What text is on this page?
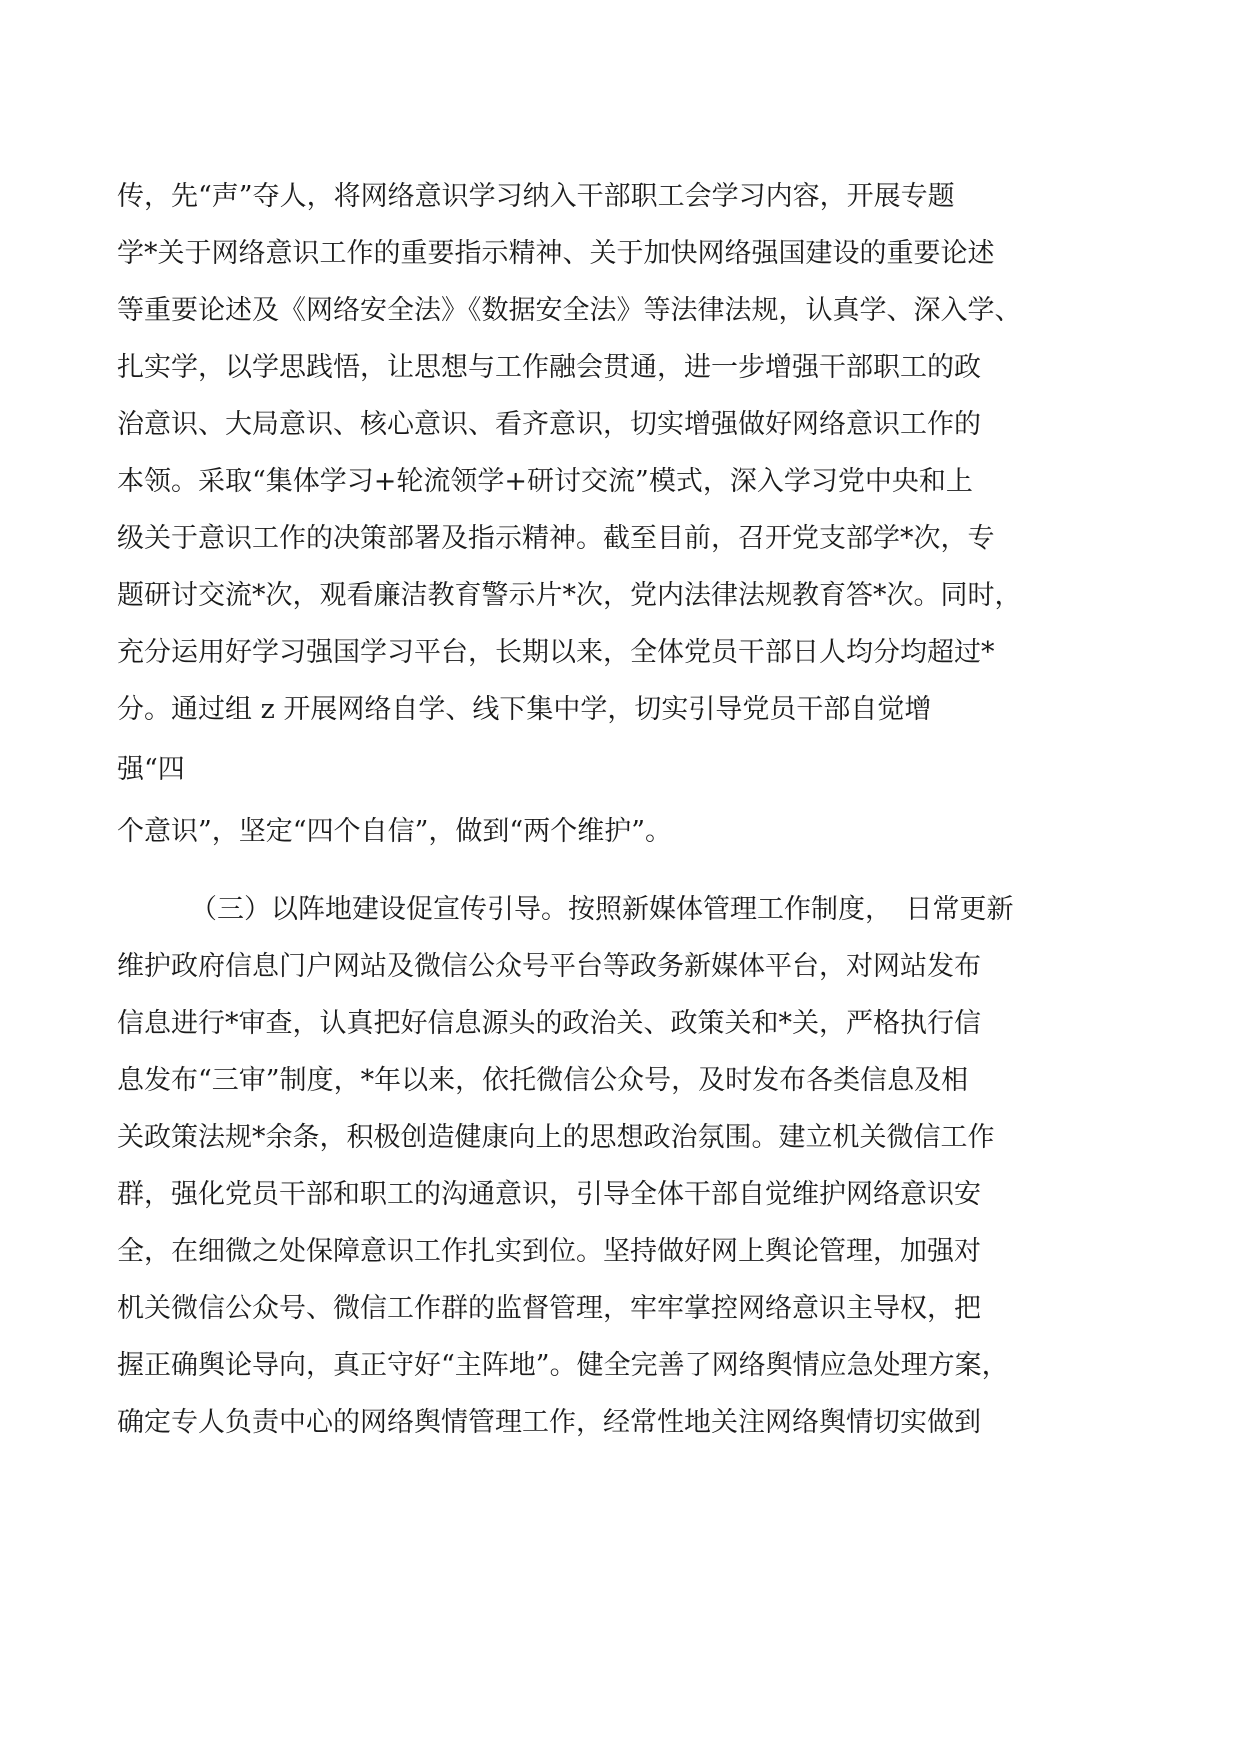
传，先“声”夺人，将网络意识学习纳入干部职工会学习内容，开展专题
学*关于网络意识工作的重要指示精神、关于加快网络强国建设的重要论述
等重要论述及《网络安全法》《数据安全法》等法律法规，认真学、深入学、
扎实学，以学思践悟，让思想与工作融会贯通，进一步增强干部职工的政
治意识、大局意识、核心意识、看齐意识，切实增强做好网络意识工作的
本领。采取“集体学习+轮流领学+研讨交流”模式，深入学习党中央和上
级关于意识工作的决策部署及指示精神。截至目前，召开党支部学*次，专
题研讨交流*次，观看廉洁教育警示片*次，党内法律法规教育答*次。同时，
充分运用好学习强国学习平台，长期以来，全体党员干部日人均分均超过*
分。通过组 z 开展网络自学、线下集中学，切实引导党员干部自觉增
强“四
个意识”，坚定“四个自信”，做到“两个维护”。
（三）以阵地建设促宣传引导。按照新媒体管理工作制度，　日常更新
维护政府信息门户网站及微信公众号平台等政务新媒体平台，对网站发布
信息进行*审查，认真把好信息源头的政治关、政策关和*关，严格执行信
息发布“三审”制度，*年以来，依托微信公众号，及时发布各类信息及相
关政策法规*余条，积极创造健康向上的思想政治氛围。建立机关微信工作
群，强化党员干部和职工的沟通意识，引导全体干部自觉维护网络意识安
全，在细微之处保障意识工作扎实到位。坚持做好网上舆论管理，加强对
机关微信公众号、微信工作群的监督管理，牢牢掌控网络意识主导权，把
握正确舆论导向，真正守好“主阵地”。健全完善了网络舆情应急处理方案，
确定专人负责中心的网络舆情管理工作，经常性地关注网络舆情切实做到
